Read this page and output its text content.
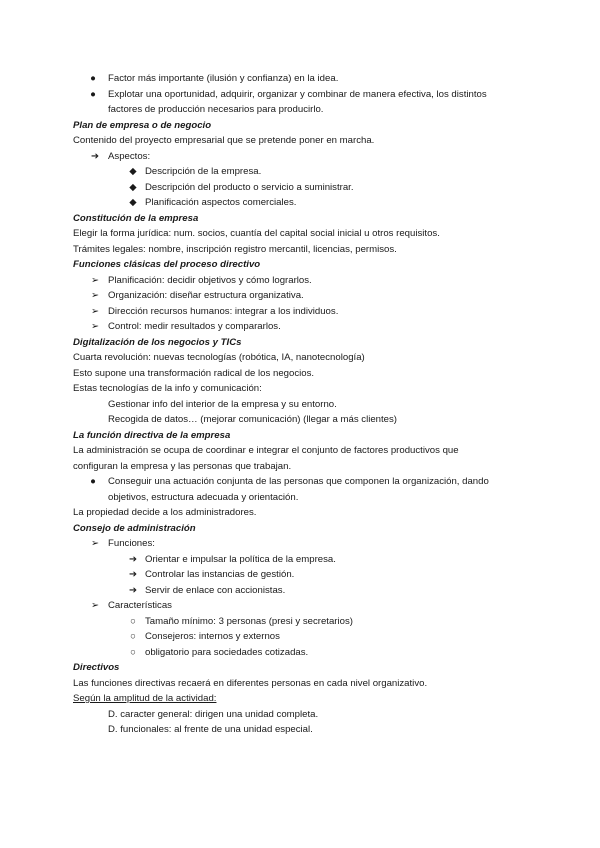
●	Factor más importante (ilusión y confianza) en la idea.
●	Explotar una oportunidad, adquirir, organizar y combinar de manera efectiva, los distintos
factores de producción necesarios para producirlo.
Plan de empresa o de negocio
Contenido del proyecto empresarial que se pretende poner en marcha.
➔ Aspectos:
◆ Descripción de la empresa.
◆ Descripción del producto o servicio a suministrar.
◆ Planificación aspectos comerciales.
Constitución de la empresa
Elegir la forma jurídica: num. socios, cuantía del capital social inicial u otros requisitos.
Trámites legales: nombre, inscripción registro mercantil, licencias, permisos.
Funciones clásicas del proceso directivo
➢ Planificación: decidir objetivos y cómo lograrlos.
➢ Organización: diseñar estructura organizativa.
➢ Dirección recursos humanos: integrar a los individuos.
➢ Control: medir resultados y compararlos.
Digitalización de los negocios y TICs
Cuarta revolución: nuevas tecnologías (robótica, IA, nanotecnología)
Esto supone una transformación radical de los negocios.
Estas tecnologías de la info y comunicación:
Gestionar info del interior de la empresa y su entorno.
Recogida de datos… (mejorar comunicación) (llegar a más clientes)
La función directiva de la empresa
La administración se ocupa de coordinar e integrar el conjunto de factores productivos que
configuran la empresa y las personas que trabajan.
●	Conseguir una actuación conjunta de las personas que componen la organización, dando
objetivos, estructura adecuada y orientación.
La propiedad decide a los administradores.
Consejo de administración
➢ Funciones:
➔ Orientar e impulsar la política de la empresa.
➔ Controlar las instancias de gestión.
➔ Servir de enlace con accionistas.
➢ Características
○ Tamaño mínimo: 3 personas (presi y secretarios)
○ Consejeros: internos y externos
○ obligatorio para sociedades cotizadas.
Directivos
Las funciones directivas recaerá en diferentes personas en cada nivel organizativo.
Según la amplitud de la actividad:
D. caracter general: dirigen una unidad completa.
D. funcionales: al frente de una unidad especial.
